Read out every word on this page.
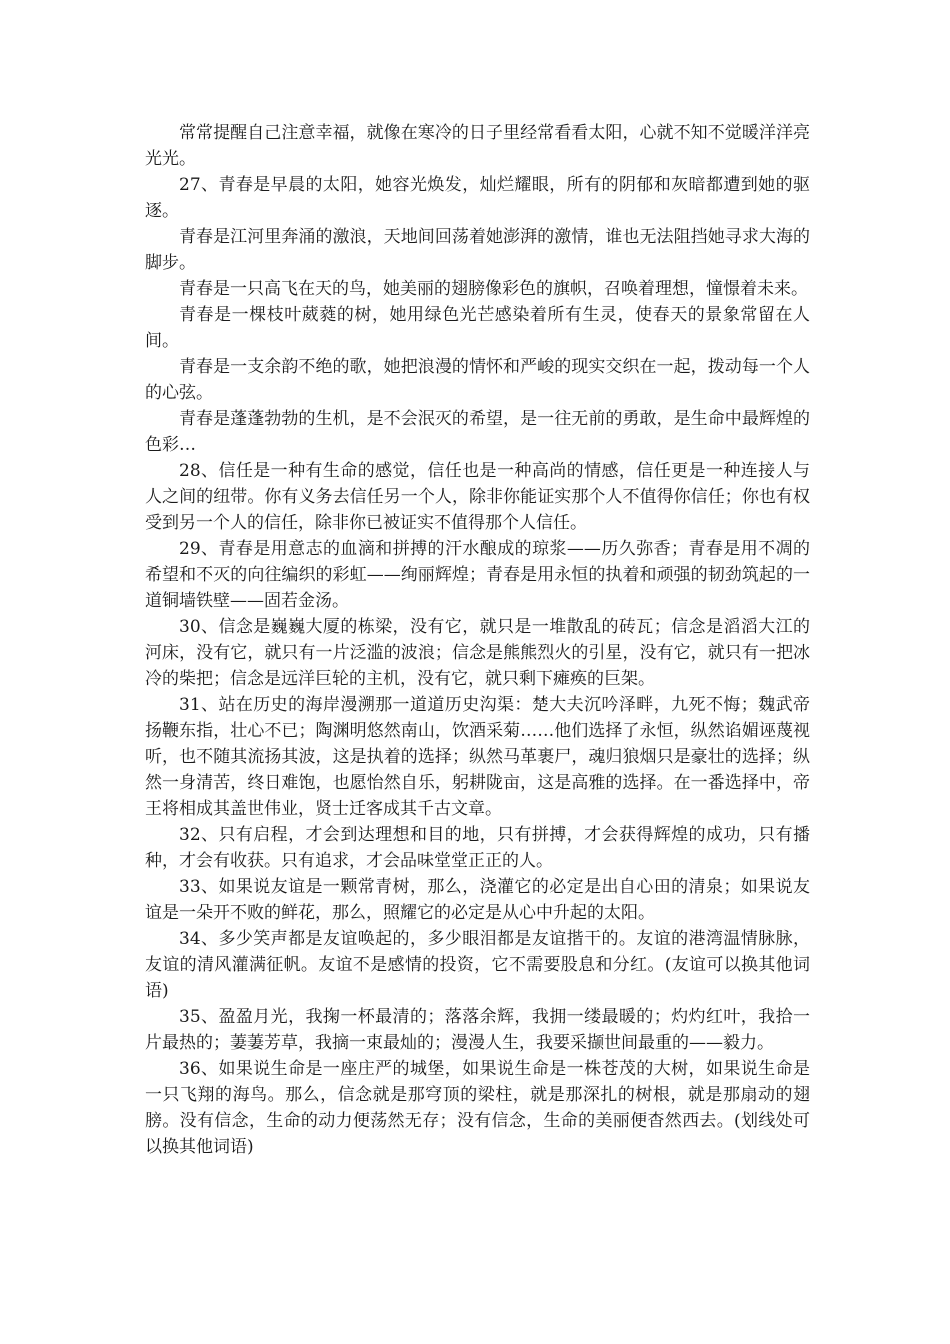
常常提醒自己注意幸福，就像在寒冷的日子里经常看看太阳，心就不知不觉暖洋洋亮光光。

27、青春是早晨的太阳，她容光焕发，灿烂耀眼，所有的阴郁和灰暗都遭到她的驱逐。

青春是江河里奔涌的激浪，天地间回荡着她澎湃的激情，谁也无法阻挡她寻求大海的脚步。

青春是一只高飞在天的鸟，她美丽的翅膀像彩色的旗帜，召唤着理想，憧憬着未来。

青春是一棵枝叶葳蕤的树，她用绿色光芒感染着所有生灵，使春天的景象常留在人间。

青春是一支余韵不绝的歌，她把浪漫的情怀和严峻的现实交织在一起，拨动每一个人的心弦。

青春是蓬蓬勃勃的生机，是不会泯灭的希望，是一往无前的勇敢，是生命中最辉煌的色彩…

28、信任是一种有生命的感觉，信任也是一种高尚的情感，信任更是一种连接人与人之间的纽带。你有义务去信任另一个人，除非你能证实那个人不值得你信任；你也有权受到另一个人的信任，除非你已被证实不值得那个人信任。

29、青春是用意志的血滴和拼搏的汗水酿成的琼浆——历久弥香；青春是用不凋的希望和不灭的向往编织的彩虹——绚丽辉煌；青春是用永恒的执着和顽强的韧劲筑起的一道铜墙铁壁——固若金汤。

30、信念是巍巍大厦的栋梁，没有它，就只是一堆散乱的砖瓦；信念是滔滔大江的河床，没有它，就只有一片泛滥的波浪；信念是熊熊烈火的引星，没有它，就只有一把冰冷的柴把；信念是远洋巨轮的主机，没有它，就只剩下瘫痪的巨架。

31、站在历史的海岸漫溯那一道道历史沟渠：楚大夫沉吟泽畔，九死不悔；魏武帝扬鞭东指，壮心不已；陶渊明悠然南山，饮酒采菊……他们选择了永恒，纵然谄媚诬蔑视听，也不随其流扬其波，这是执着的选择；纵然马革裹尸，魂归狼烟只是豪壮的选择；纵然一身清苦，终日难饱，也愿怡然自乐，躬耕陇亩，这是高雅的选择。在一番选择中，帝王将相成其盖世伟业，贤士迁客成其千古文章。

32、只有启程，才会到达理想和目的地，只有拼搏，才会获得辉煌的成功，只有播种，才会有收获。只有追求，才会品味堂堂正正的人。

33、如果说友谊是一颗常青树，那么，浇灌它的必定是出自心田的清泉；如果说友谊是一朵开不败的鲜花，那么，照耀它的必定是从心中升起的太阳。

34、多少笑声都是友谊唤起的，多少眼泪都是友谊揩干的。友谊的港湾温情脉脉，友谊的清风灌满征帆。友谊不是感情的投资，它不需要股息和分红。(友谊可以换其他词语)

35、盈盈月光，我掬一杯最清的；落落余辉，我拥一缕最暖的；灼灼红叶，我拾一片最热的；萋萋芳草，我摘一束最灿的；漫漫人生，我要采撷世间最重的——毅力。

36、如果说生命是一座庄严的城堡，如果说生命是一株苍茂的大树，如果说生命是一只飞翔的海鸟。那么，信念就是那穹顶的梁柱，就是那深扎的树根，就是那扇动的翅膀。没有信念，生命的动力便荡然无存；没有信念，生命的美丽便杳然西去。(划线处可以换其他词语)
